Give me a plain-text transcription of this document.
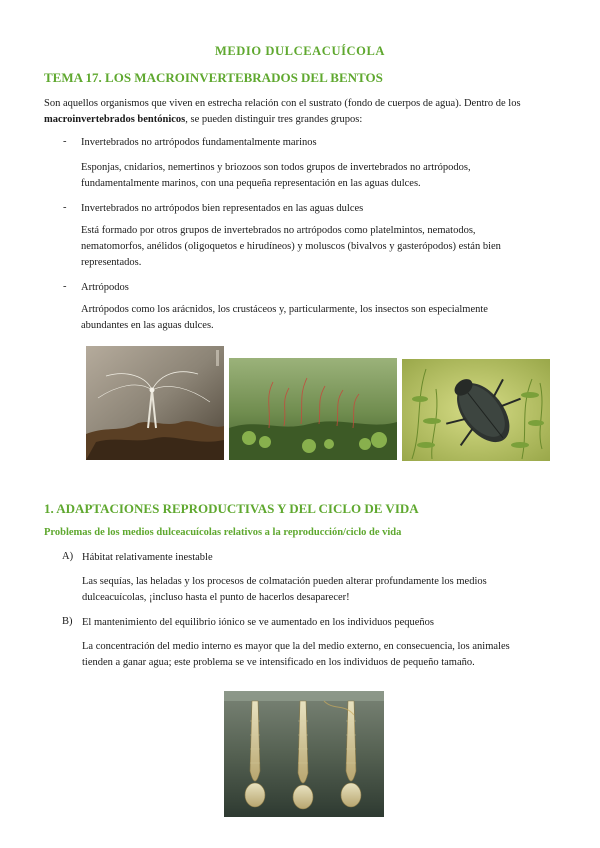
MEDIO DULCEACUÍCOLA
TEMA 17. LOS MACROINVERTEBRADOS DEL BENTOS
Son aquellos organismos que viven en estrecha relación con el sustrato (fondo de cuerpos de agua). Dentro de los
macroinvertebrados bentónicos, se pueden distinguir tres grandes grupos:
- Invertebrados no artrópodos fundamentalmente marinos
Esponjas, cnidarios, nemertinos y briozoos son todos grupos de invertebrados no artrópodos,
fundamentalmente marinos, con una pequeña representación en las aguas dulces.
- Invertebrados no artrópodos bien representados en las aguas dulces
Está formado por otros grupos de invertebrados no artrópodos como platelmintos, nematodos,
nematomorfos, anélidos (oligoquetos e hirudíneos) y moluscos (bivalvos y gasterópodos) están bien
representados.
- Artrópodos
Artrópodos como los arácnidos, los crustáceos y, particularmente, los insectos son especialmente
abundantes en las aguas dulces.
1. ADAPTACIONES REPRODUCTIVAS Y DEL CICLO DE VIDA
Problemas de los medios dulceacuícolas relativos a la reproducción/ciclo de vida
A) Hábitat relativamente inestable
Las sequías, las heladas y los procesos de colmatación pueden alterar profundamente los medios
dulceacuícolas, ¡incluso hasta el punto de hacerlos desaparecer!
B) El mantenimiento del equilibrio iónico se ve aumentado en los individuos pequeños
La concentración del medio interno es mayor que la del medio externo, en consecuencia, los animales
tienden a ganar agua; este problema se ve intensificado en los individuos de pequeño tamaño.
